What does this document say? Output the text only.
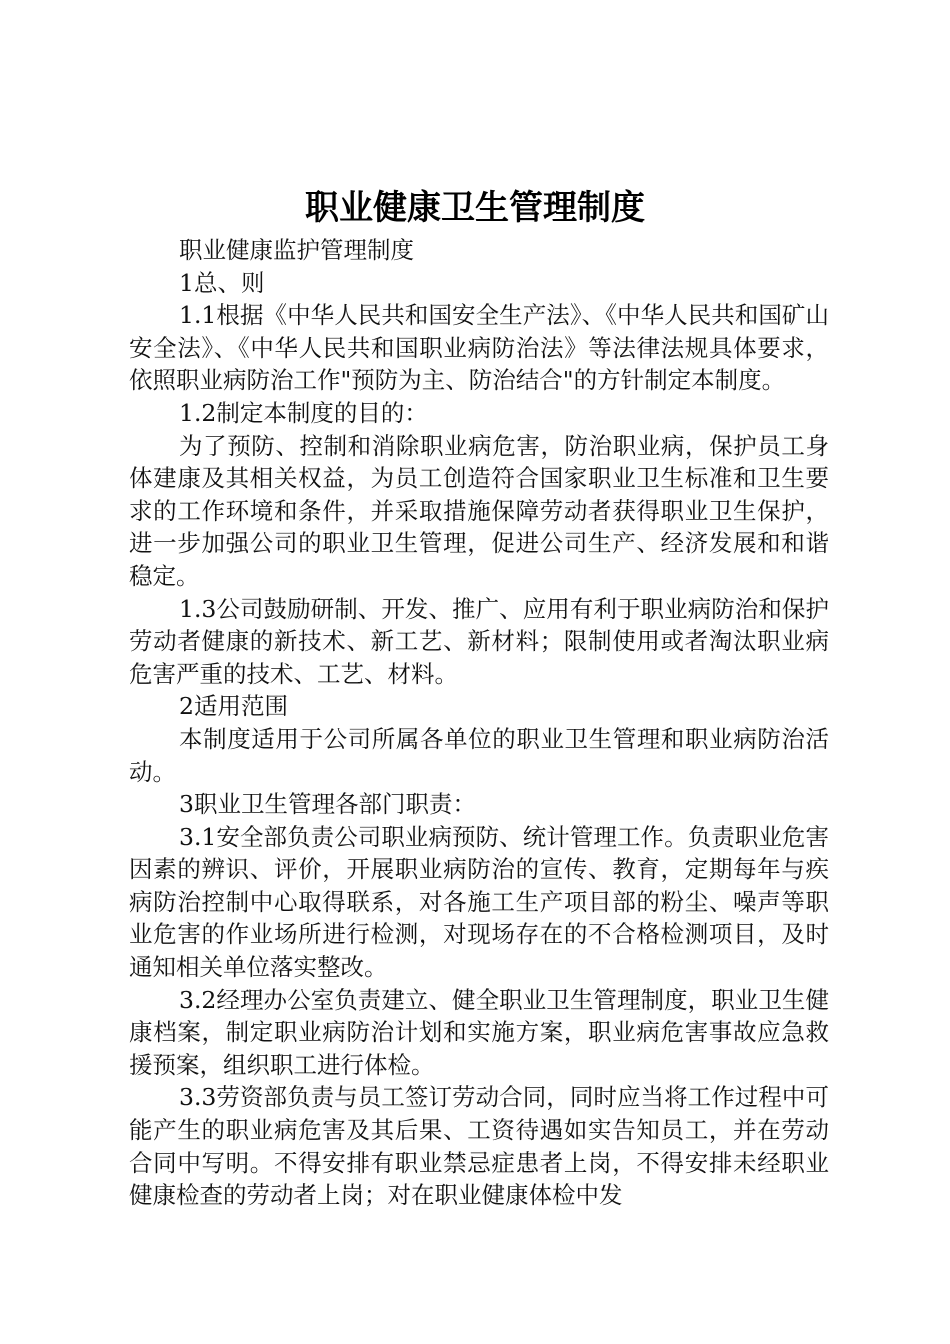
职业健康卫生管理制度

职业健康监护管理制度

1总、则

1.1根据《中华人民共和国安全生产法》、《中华人民共和国矿山安全法》、《中华人民共和国职业病防治法》等法律法规具体要求，依照职业病防治工作"预防为主、防治结合"的方针制定本制度。

1.2制定本制度的目的：

为了预防、控制和消除职业病危害，防治职业病，保护员工身体建康及其相关权益，为员工创造符合国家职业卫生标准和卫生要求的工作环境和条件，并采取措施保障劳动者获得职业卫生保护，进一步加强公司的职业卫生管理，促进公司生产、经济发展和和谐稳定。

1.3公司鼓励研制、开发、推广、应用有利于职业病防治和保护劳动者健康的新技术、新工艺、新材料；限制使用或者淘汰职业病危害严重的技术、工艺、材料。

2适用范围

本制度适用于公司所属各单位的职业卫生管理和职业病防治活动。

3职业卫生管理各部门职责：

3.1安全部负责公司职业病预防、统计管理工作。负责职业危害因素的辨识、评价，开展职业病防治的宣传、教育，定期每年与疾病防治控制中心取得联系，对各施工生产项目部的粉尘、噪声等职业危害的作业场所进行检测，对现场存在的不合格检测项目，及时通知相关单位落实整改。

3.2经理办公室负责建立、健全职业卫生管理制度，职业卫生健康档案，制定职业病防治计划和实施方案，职业病危害事故应急救援预案，组织职工进行体检。

3.3劳资部负责与员工签订劳动合同，同时应当将工作过程中可能产生的职业病危害及其后果、工资待遇如实告知员工，并在劳动合同中写明。不得安排有职业禁忌症患者上岗，不得安排未经职业健康检查的劳动者上岗；对在职业健康体检中发
